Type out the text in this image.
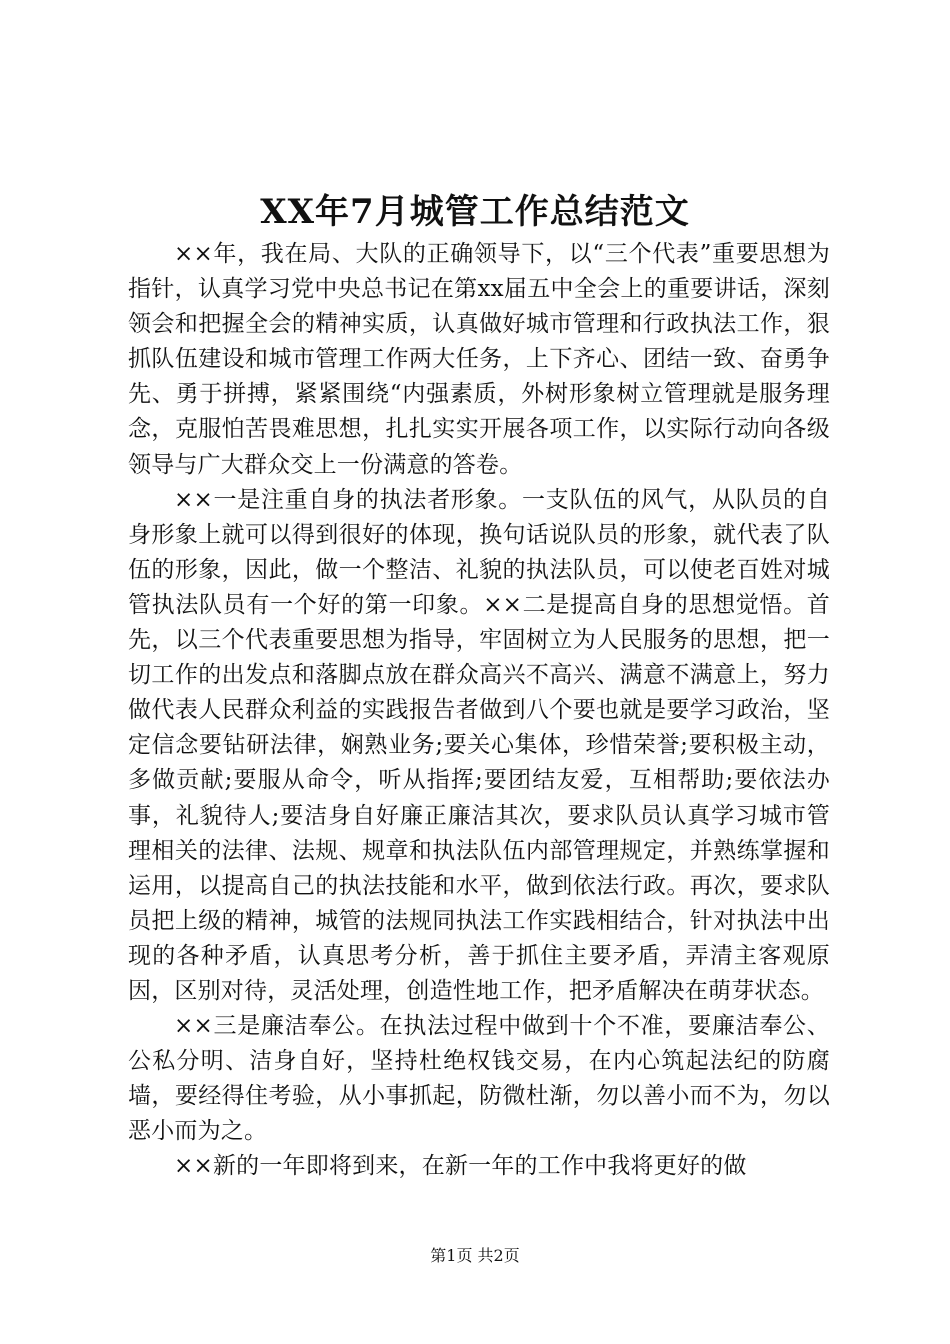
XX年7月城管工作总结范文

××年，我在局、大队的正确领导下，以“三个代表”重要思想为指针，认真学习党中央总书记在第xx届五中全会上的重要讲话，深刻领会和把握全会的精神实质，认真做好城市管理和行政执法工作，狠抓队伍建设和城市管理工作两大任务，上下齐心、团结一致、奋勇争先、勇于拼搏，紧紧围绕“内强素质，外树形象树立管理就是服务理念，克服怕苦畏难思想，扎扎实实开展各项工作，以实际行动向各级领导与广大群众交上一份满意的答卷。

××一是注重自身的执法者形象。一支队伍的风气，从队员的自身形象上就可以得到很好的体现，换句话说队员的形象，就代表了队伍的形象，因此，做一个整洁、礼貌的执法队员，可以使老百姓对城管执法队员有一个好的第一印象。××二是提高自身的思想觉悟。首先，以三个代表重要思想为指导，牢固树立为人民服务的思想，把一切工作的出发点和落脚点放在群众高兴不高兴、满意不满意上，努力做代表人民群众利益的实践报告者做到八个要也就是要学习政治，坚定信念要钻研法律，娴熟业务;要关心集体，珍惜荣誉;要积极主动，多做贡献;要服从命令，听从指挥;要团结友爱，互相帮助;要依法办事，礼貌待人;要洁身自好廉正廉洁其次，要求队员认真学习城市管理相关的法律、法规、规章和执法队伍内部管理规定，并熟练掌握和运用，以提高自己的执法技能和水平，做到依法行政。再次，要求队员把上级的精神，城管的法规同执法工作实践相结合，针对执法中出现的各种矛盾，认真思考分析，善于抓住主要矛盾，弄清主客观原因，区别对待，灵活处理，创造性地工作，把矛盾解决在萌芽状态。

××三是廉洁奉公。在执法过程中做到十个不准，要廉洁奉公、公私分明、洁身自好，坚持杜绝权钱交易，在内心筑起法纪的防腐墙，要经得住考验，从小事抓起，防微杜渐，勿以善小而不为，勿以恶小而为之。

××新的一年即将到来，在新一年的工作中我将更好的做

第1页 共2页
